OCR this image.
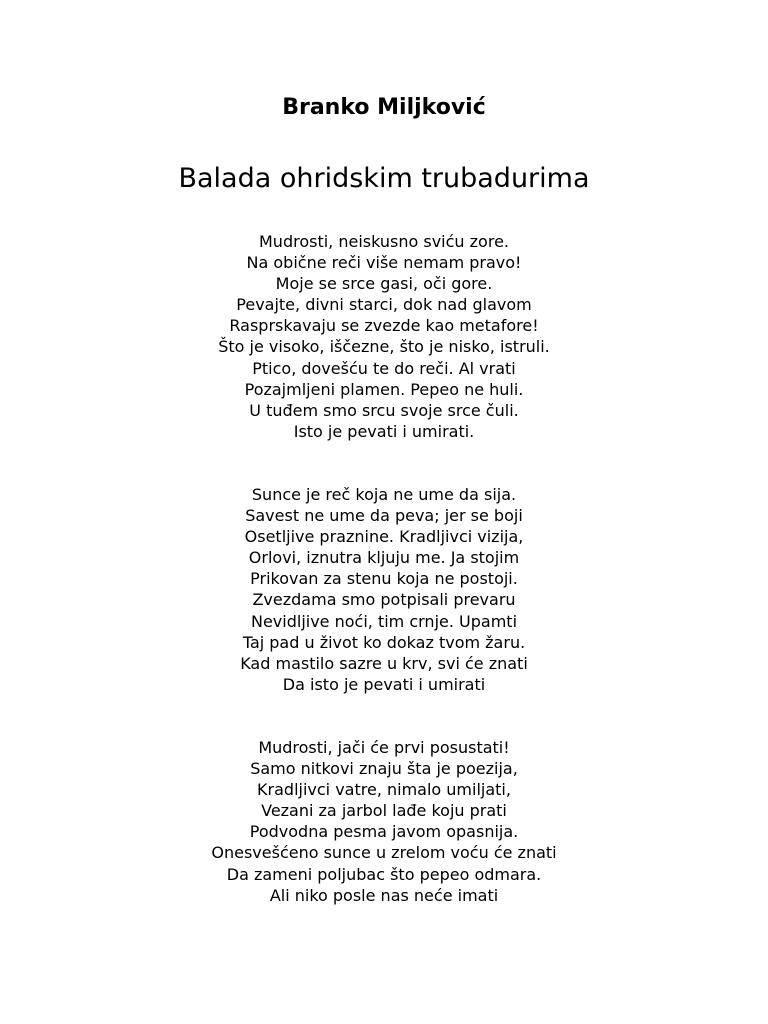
Branko Miljković
Balada ohridskim trubadurima
Mudrosti, neiskusno sviću zore.
Na obične reči više nemam pravo!
Moje se srce gasi, oči gore.
Pevajte, divni starci, dok nad glavom
Rasprskavaju se zvezde kao metafore!
Što je visoko, iščezne, što je nisko, istruli.
Ptico, dovešću te do reči. Al vrati
Pozajmljeni plamen. Pepeo ne huli.
U tuđem smo srcu svoje srce čuli.
Isto je pevati i umirati.
Sunce je reč koja ne ume da sija.
Savest ne ume da peva; jer se boji
Osetljive praznine. Kradljivci vizija,
Orlovi, iznutra kljuju me. Ja stojim
Prikovan za stenu koja ne postoji.
Zvezdama smo potpisali prevaru
Nevidljive noći, tim crnje. Upamti
Taj pad u život ko dokaz tvom žaru.
Kad mastilo sazre u krv, svi će znati
Da isto je pevati i umirati
Mudrosti, jači će prvi posustati!
Samo nitkovi znaju šta je poezija,
Kradljivci vatre, nimalo umiljati,
Vezani za jarbol lađe koju prati
Podvodna pesma javom opasnija.
Onesvešćeno sunce u zrelom voću će znati
Da zameni poljubac što pepeo odmara.
Ali niko posle nas neće imati
